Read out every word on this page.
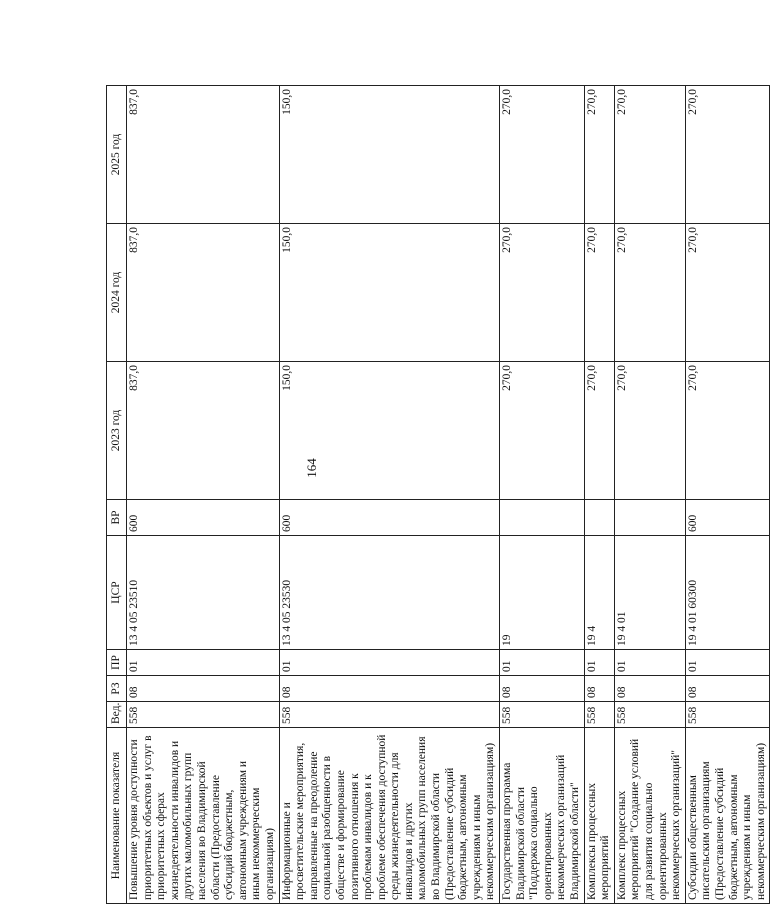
164
Наименование показателя	Вед.	РЗ	ПР	ЦСР	ВР	2023 год	2024 год	2025 год
Повышение уровня доступности приоритетных объектов и услуг в приоритетных сферах жизнедеятельности инвалидов и других маломобильных групп населения во Владимирской области (Предоставление субсидий бюджетным, автономным учреждениям и иным некоммерческим организациям)	558	08	01	13 4 05 23510	600	837,0	837,0	837,0
Информационные и просветительские мероприятия, направленные на преодоление социальной разобщенности в обществе и формирование позитивного отношения к проблемам инвалидов и к проблеме обеспечения доступной среды жизнедеятельности для инвалидов и других маломобильных групп населения во Владимирской области (Предоставление субсидий бюджетным, автономным учреждениям и иным некоммерческим организациям)	558	08	01	13 4 05 23530	600	150,0	150,0	150,0
Государственная программа Владимирской области "Поддержка социально ориентированных некоммерческих организаций Владимирской области"	558	08	01	19		270,0	270,0	270,0
Комплексы процессных мероприятий	558	08	01	19 4		270,0	270,0	270,0
Комплекс процессных мероприятий "Создание условий для развития социально ориентированных некоммерческих организаций"	558	08	01	19 4 01		270,0	270,0	270,0
Субсидии общественным писательским организациям (Предоставление субсидий бюджетным, автономным учреждениям и иным некоммерческим организациям)	558	08	01	19 4 01 60300	600	270,0	270,0	270,0
